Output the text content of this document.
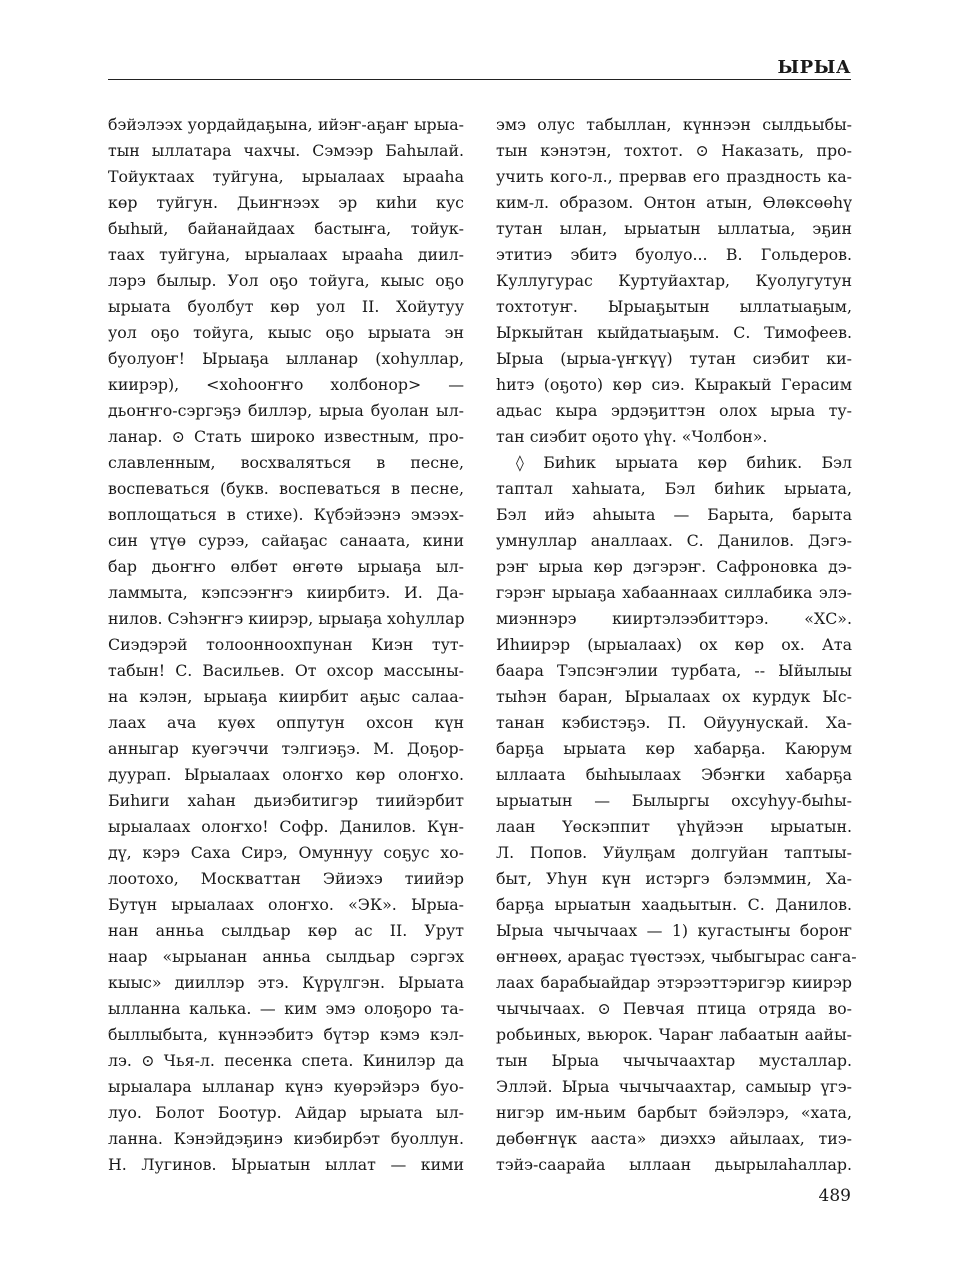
ЫРЫА
бэйэлээх уордайдаҕына, ийэҥ-аҕаҥ ырыа-
тын ыллатара чахчы. Сэмээр Баһылай.
Тойуктаах туйгуна, ырыалаах ырааһа
көр туйгун. Дьиҥнээх эр киһи кус
быһый, байанайдаах бастыҥа, тойук-
таах туйгуна, ырыалаах ырааһа диил-
лэрэ былыр. Уол оҕо тойуга, кыыс оҕо
ырыата буолбут көр уол II. Хойутуу
уол оҕо тойуга, кыыс оҕо ырыата эн
буолуоҥ! Ырыаҕа ылланар (хоһуллар,
киирэр), <хоһооҥҥо холбонор> —
дьоҥҥо-сэргэҕэ биллэр, ырыа буолан ыл-
ланар. ⊙ Стать широко известным, про-
славленным, восхваляться в песне,
воспеваться (букв. воспеваться в песне,
воплощаться в стихе). Күбэйээнэ эмээх-
син үтүө сурээ, сайаҕас санаата, кини
бар дьоҥҥо өлбөт өҥөтө ырыаҕа ыл-
ламмыта, кэпсээҥҥэ киирбитэ. И. Да-
нилов. Сэһэҥҥэ киирэр, ырыаҕа хоһуллар
Сиэдэрэй толоонноохпунан Киэн тут-
табын! С. Васильев. От охсор массыны-
на кэлэн, ырыаҕа киирбит аҕыс салаа-
лаах ача куөх оппутун охсон күн
анныгар куөгэччи тэлгиэҕэ. М. Доҕор-
дуурап. Ырыалаах олоҥхо көр олоҥхо.
Биһиги хаһан дьиэбитигэр тиийэрбит
ырыалаах олоҥхо! Софр. Данилов. Күн-
дү, кэрэ Саха Сирэ, Омуннуу соҕус хо-
лоотохо, Москваттан Эйиэхэ тиийэр
Бутүн ырыалаах олоҥхо. «ЭК». Ырыа-
нан анньа сылдьар көр ас II. Урут
наар «ырыанан анньа сылдьар сэргэх
кыыс» дииллэр этэ. Күрүлгэн. Ырыата
ылланна калька. — ким эмэ олоҕоро та-
быллыбыта, күннээбитэ бүтэр кэмэ кэл-
лэ. ⊙ Чья-л. песенка спета. Кинилэр да
ырыалара ылланар күнэ куөрэйэрэ буо-
луо. Болот Боотур. Айдар ырыата ыл-
ланна. Кэнэйдэҕинэ киэбирбэт буоллун.
Н. Лугинов. Ырыатын ыллат — кими
эмэ олус табыллан, күннээн сылдьыбы-
тын кэнэтэн, тохтот. ⊙ Наказать, про-
учить кого-л., прервав его праздность ка-
ким-л. образом. Онтон атын, Өлөксөөһү
тутан ылан, ырыатын ыллатыа, эҕин
этитиэ эбитэ буолуо... В. Гольдеров.
Куллугурас Куртуйахтар, Куолугутун
тохтотуҥ. Ырыаҕытын ыллатыаҕым,
Ыркыйтан кыйдатыаҕым. С. Тимофеев.
Ырыа (ырыа-үҥкүү) тутан сиэбит ки-
һитэ (оҕото) көр сиэ. Кыракый Герасим
адьас кыра эрдэҕиттэн олох ырыа ту-
тан сиэбит оҕото үһү. «Чолбон».
◊ Биһик ырыата көр биһик. Бэл
таптал хаһыата, Бэл биһик ырыата,
Бэл ийэ аһыыта — Барыта, барыта
умнуллар аналлаах. С. Данилов. Дэгэ-
рэҥ ырыа көр дэгэрэҥ. Сафроновка дэ-
гэрэҥ ырыаҕа хабааннаах силлабика элэ-
миэннэрэ кииртэлээбиттэрэ. «ХС».
Иһиирэр (ырыалаах) ох көр ох. Ата
баара Тэпсэҥэлии турбата, -- Ыйылыы
тыһэн баран, Ырыалаах ох курдук Ыс-
танан кэбистэҕэ. П. Ойуунускай. Ха-
барҕа ырыата көр хабарҕа. Каюрум
ыллаата быһыылаах Эбэҥки хабарҕа
ырыатын — Былыргы охсуһуу-быһы-
лаан Үөскэппит үһүйээн ырыатын.
Л. Попов. Уйулҕам долгуйан таптыы-
быт, Уһун күн истэргэ бэлэммин, Ха-
барҕа ырыатын хаадьытын. С. Данилов.
Ырыа чычычаах — 1) кугастыҥы бороҥ
өҥнөөх, араҕас түөстээх, чыбыгырас саҥа-
лаах барабыайдар этэрээттэригэр киирэр
чычычаах. ⊙ Певчая птица отряда во-
робьиных, вьюрок. Чараҥ лабаатын аайы-
тын Ырыа чычычаахтар мусталлар.
Эллэй. Ырыа чычычаахтар, самыыр үгэ-
нигэр им-ньим барбыт бэйэлэрэ, «хата,
дөбөҥнүк ааста» диэххэ айылаах, тиэ-
тэйэ-саарайа ыллаан дьырылаһаллар.
489
